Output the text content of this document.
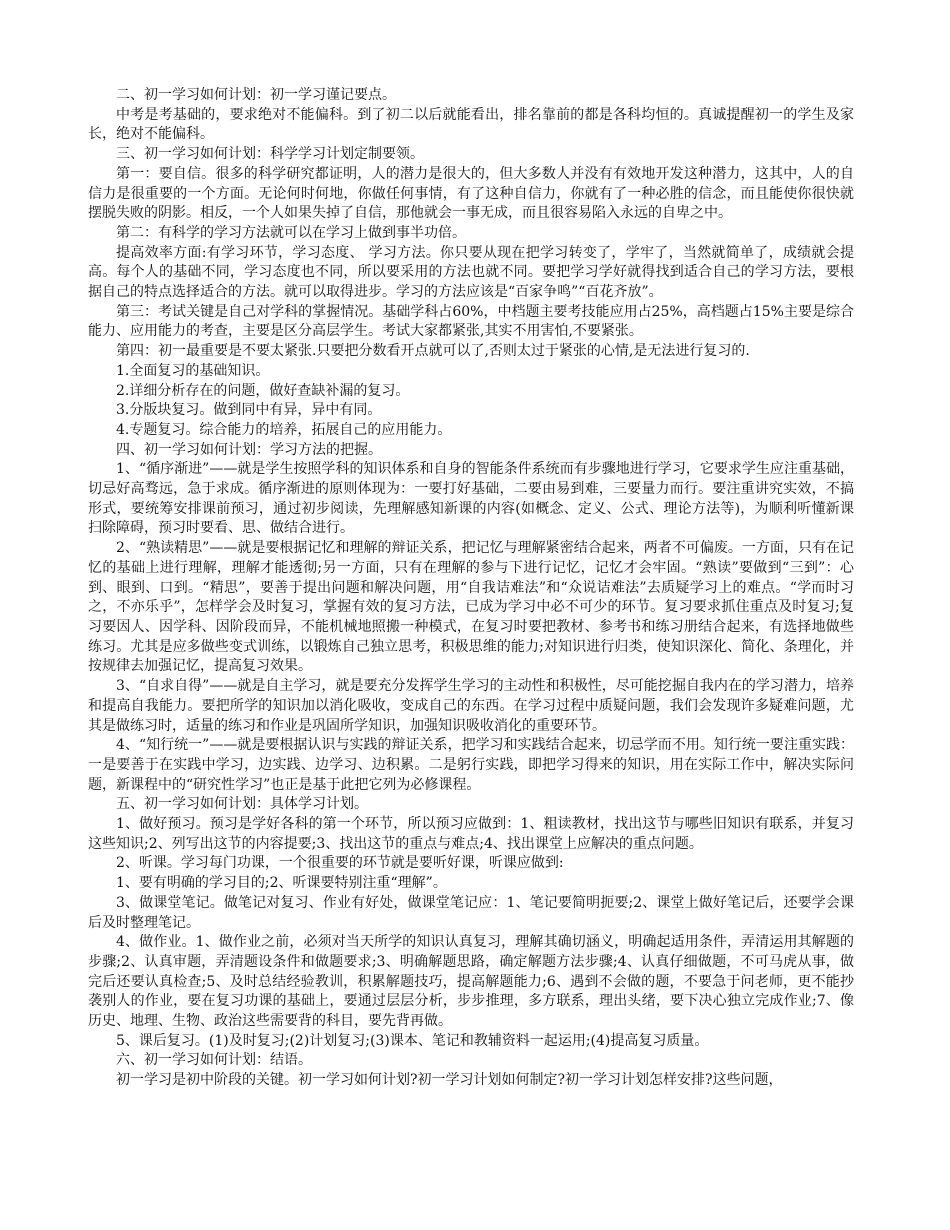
二、初一学习如何计划：初一学习谨记要点。

中考是考基础的，要求绝对不能偏科。到了初二以后就能看出，排名靠前的都是各科均恒的。真诚提醒初一的学生及家长，绝对不能偏科。

三、初一学习如何计划：科学学习计划定制要领。

第一：要自信。很多的科学研究都证明，人的潜力是很大的，但大多数人并没有有效地开发这种潜力，这其中，人的自信力是很重要的一个方面。无论何时何地，你做任何事情，有了这种自信力，你就有了一种必胜的信念，而且能使你很快就摆脱失败的阴影。相反，一个人如果失掉了自信，那他就会一事无成，而且很容易陷入永远的自卑之中。

第二：有科学的学习方法就可以在学习上做到事半功倍。

提高效率方面:有学习环节，学习态度、 学习方法。你只要从现在把学习转变了，学牢了，当然就简单了，成绩就会提高。每个人的基础不同，学习态度也不同，所以要采用的方法也就不同。要把学习学好就得找到适合自己的学习方法，要根据自己的特点选择适合的方法。就可以取得进步。学习的方法应该是“百家争鸣”“百花齐放”。

第三：考试关键是自己对学科的掌握情况。基础学科占60%，中档题主要考技能应用占25%，高档题占15%主要是综合能力、应用能力的考查，主要是区分高层学生。考试大家都紧张,其实不用害怕,不要紧张。

第四：初一最重要是不要太紧张.只要把分数看开点就可以了,否则太过于紧张的心情,是无法进行复习的.

1.全面复习的基础知识。

2.详细分析存在的问题，做好查缺补漏的复习。

3.分版块复习。做到同中有异，异中有同。

4.专题复习。综合能力的培养，拓展自己的应用能力。

四、初一学习如何计划：学习方法的把握。

1、“循序渐进”——就是学生按照学科的知识体系和自身的智能条件系统而有步骤地进行学习，它要求学生应注重基础，切忌好高骛远，急于求成。循序渐进的原则体现为：一要打好基础，二要由易到难，三要量力而行。要注重讲究实效，不搞形式，要统筹安排课前预习，通过初步阅读，先理解感知新课的内容(如概念、定义、公式、理论方法等)，为顺利听懂新课扫除障碍，预习时要看、思、做结合进行。

2、“熟读精思”——就是要根据记忆和理解的辩证关系，把记忆与理解紧密结合起来，两者不可偏废。一方面，只有在记忆的基础上进行理解，理解才能透彻;另一方面，只有在理解的参与下进行记忆，记忆才会牢固。“熟读”要做到“三到”：心到、眼到、口到。“精思”，要善于提出问题和解决问题，用“自我诘难法”和“众说诘难法”去质疑学习上的难点。“学而时习之，不亦乐乎”，怎样学会及时复习，掌握有效的复习方法，已成为学习中必不可少的环节。复习要求抓住重点及时复习;复习要因人、因学科、因阶段而异，不能机械地照搬一种模式，在复习时要把教材、参考书和练习册结合起来，有选择地做些练习。尤其是应多做些变式训练，以锻炼自己独立思考，积极思维的能力;对知识进行归类，使知识深化、简化、条理化，并按规律去加强记忆，提高复习效果。

3、“自求自得”——就是自主学习，就是要充分发挥学生学习的主动性和积极性，尽可能挖掘自我内在的学习潜力，培养和提高自我能力。要把所学的知识加以消化吸收，变成自己的东西。在学习过程中质疑问题，我们会发现许多疑难问题，尤其是做练习时，适量的练习和作业是巩固所学知识，加强知识吸收消化的重要环节。

4、“知行统一”——就是要根据认识与实践的辩证关系，把学习和实践结合起来，切忌学而不用。知行统一要注重实践：一是要善于在实践中学习，边实践、边学习、边积累。二是躬行实践，即把学习得来的知识，用在实际工作中，解决实际问题，新课程中的“研究性学习”也正是基于此把它列为必修课程。

五、初一学习如何计划：具体学习计划。

1、做好预习。预习是学好各科的第一个环节，所以预习应做到：1、粗读教材，找出这节与哪些旧知识有联系，并复习这些知识;2、列写出这节的内容提要;3、找出这节的重点与难点;4、找出课堂上应解决的重点问题。

2、听课。学习每门功课，一个很重要的环节就是要听好课，听课应做到:

1、要有明确的学习目的;2、听课要特别注重“理解”。

3、做课堂笔记。做笔记对复习、作业有好处，做课堂笔记应：1、笔记要简明扼要;2、课堂上做好笔记后，还要学会课后及时整理笔记。

4、做作业。1、做作业之前，必须对当天所学的知识认真复习，理解其确切涵义，明确起适用条件，弄清运用其解题的步骤;2、认真审题，弄清题设条件和做题要求;3、明确解题思路，确定解题方法步骤;4、认真仔细做题，不可马虎从事，做完后还要认真检查;5、及时总结经验教训，积累解题技巧，提高解题能力;6、遇到不会做的题，不要急于问老师，更不能抄袭别人的作业，要在复习功课的基础上，要通过层层分析，步步推理，多方联系，理出头绪，要下决心独立完成作业;7、像历史、地理、生物、政治这些需要背的科目，要先背再做。

5、课后复习。(1)及时复习;(2)计划复习;(3)课本、笔记和教辅资料一起运用;(4)提高复习质量。

六、初一学习如何计划：结语。

初一学习是初中阶段的关键。初一学习如何计划?初一学习计划如何制定?初一学习计划怎样安排?这些问题，
